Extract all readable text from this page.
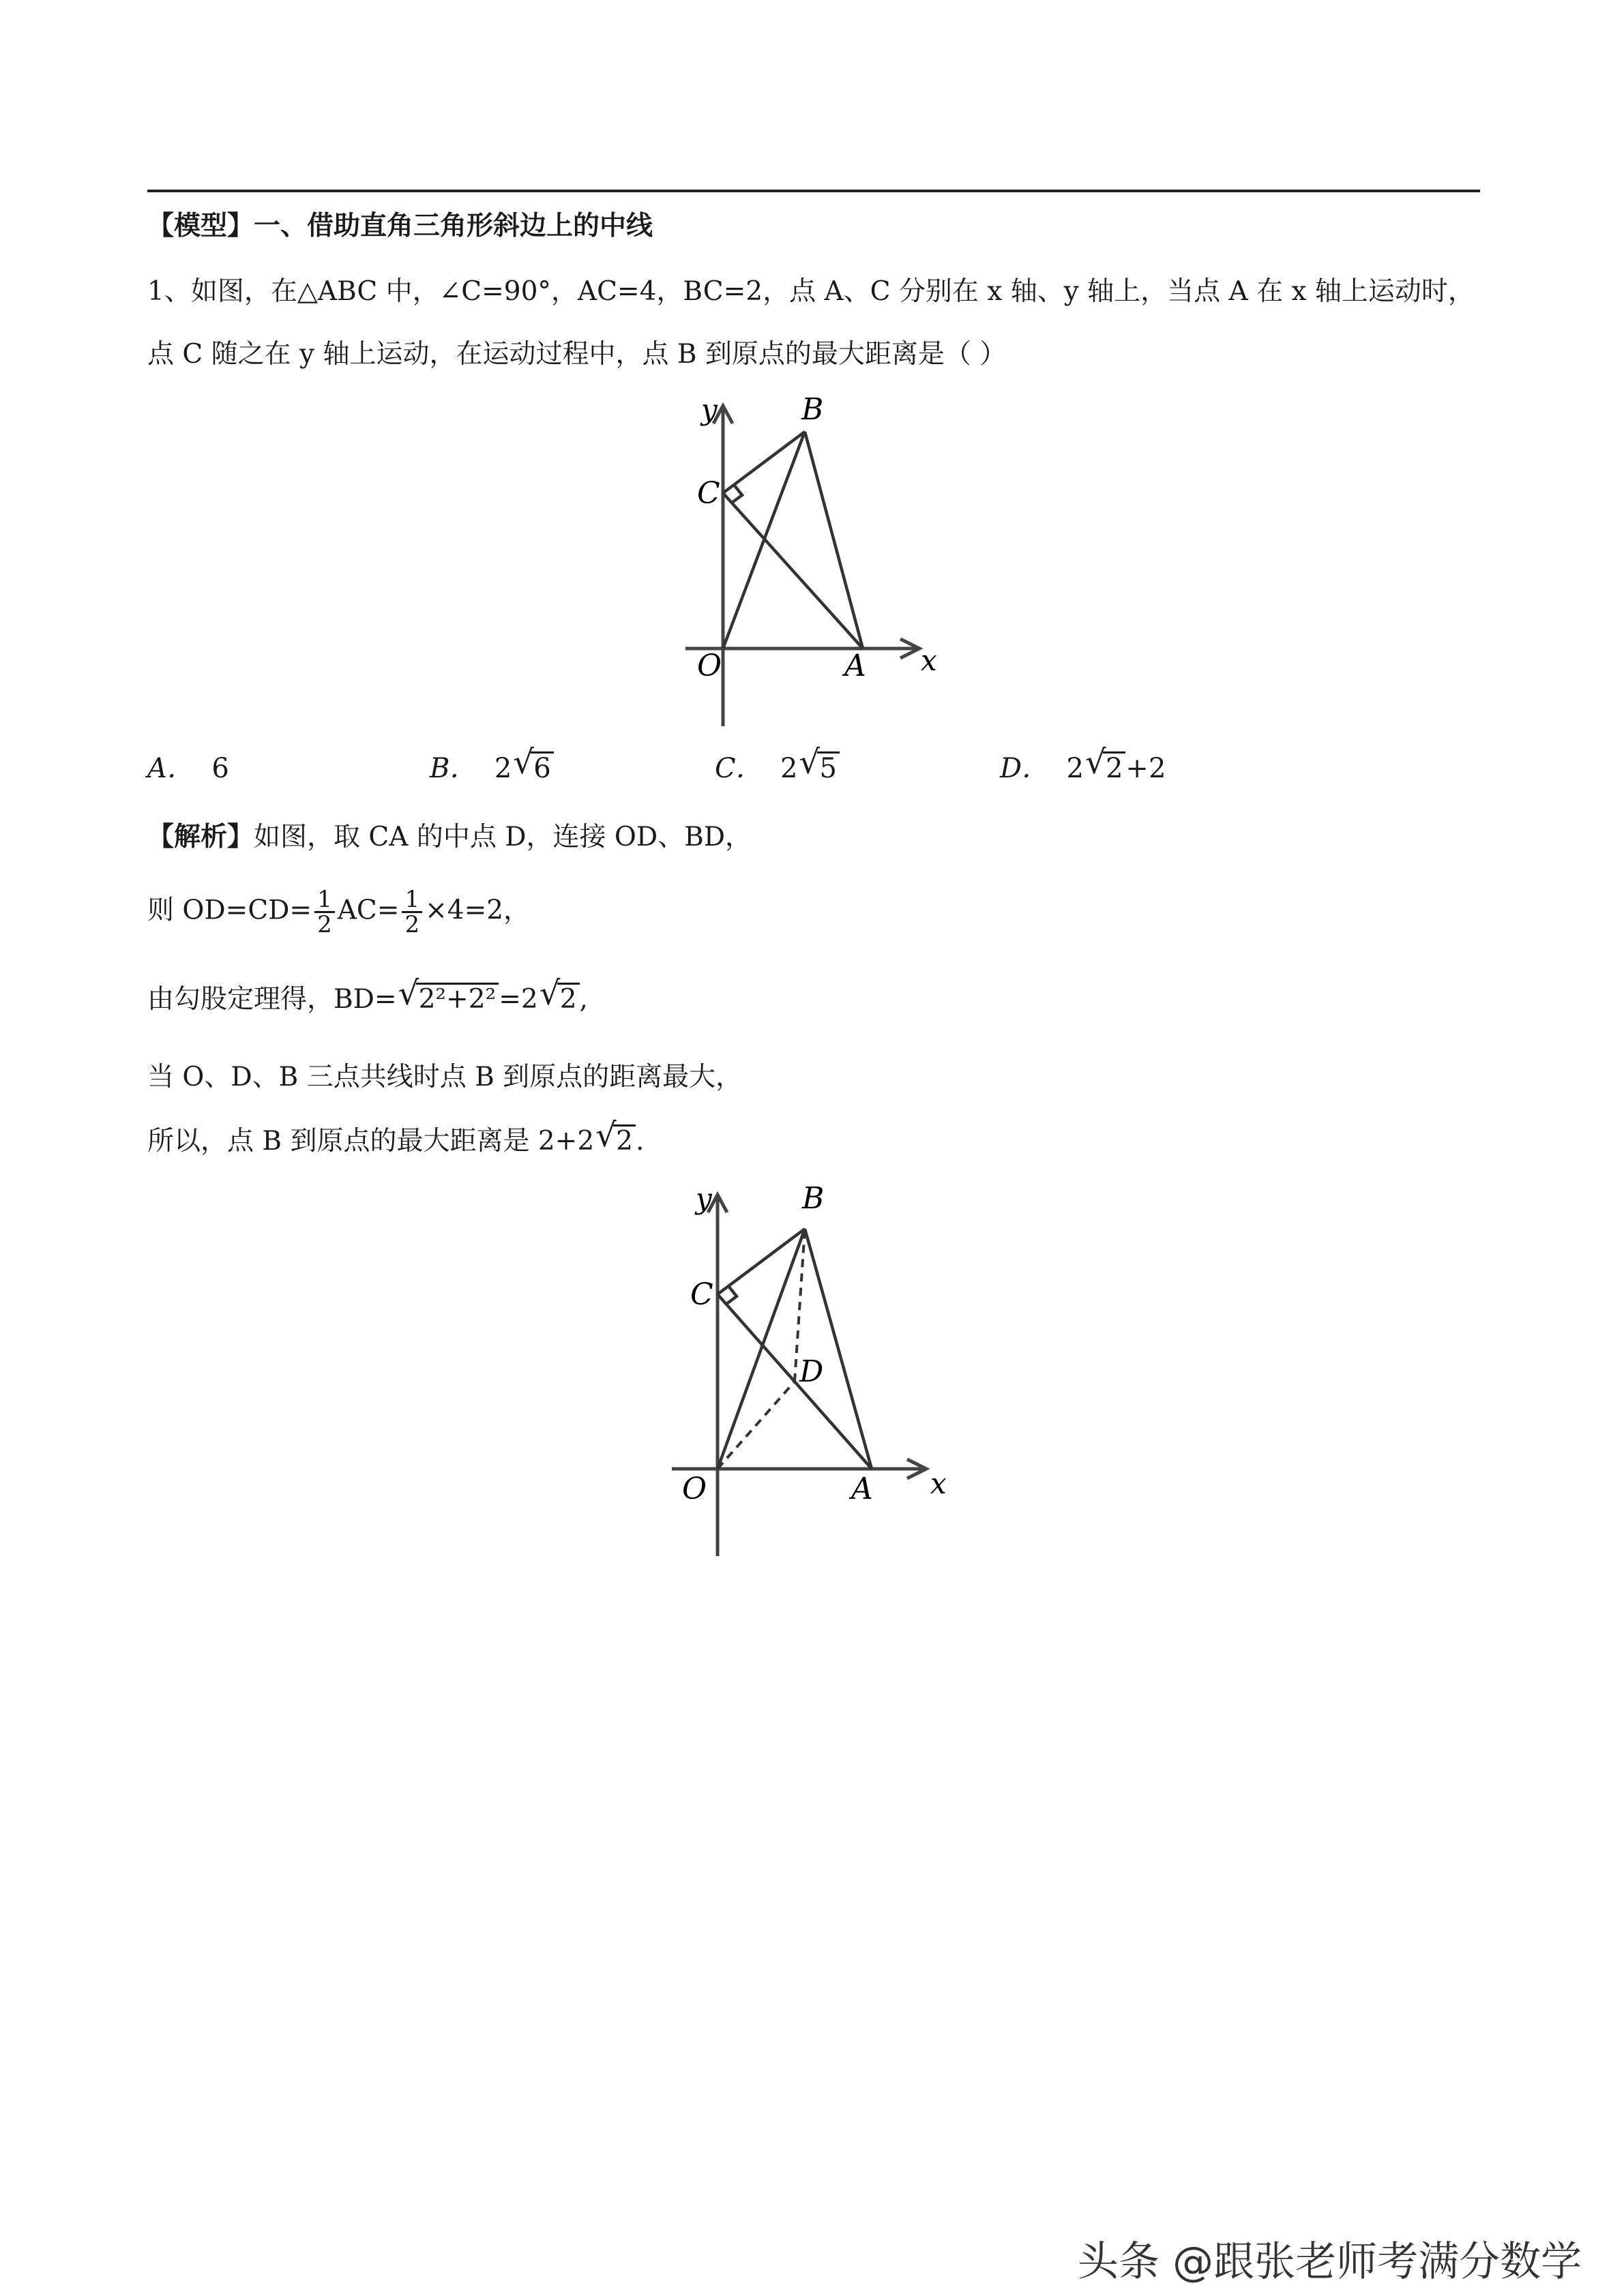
【模型】一、借助直角三角形斜边上的中线
1、如图，在△ABC 中，∠C=90°，AC=4，BC=2，点 A、C 分别在 x 轴、y 轴上，当点 A 在 x 轴上运动时，
点 C 随之在 y 轴上运动，在运动过程中，点 B 到原点的最大距离是（ ）
y	B
C
O	A x
A． 6	B． 2 √ 6	C． 2 √ 5	D． 2 √ 2 +2
【解析】如图，取 CA 的中点 D，连接 OD、BD，
则 $OD=CD= \frac{1}{2} AC= \frac{1}{2} \times 4=2$，
由勾股定理得，BD= √ 2²+2² =2 √ 2 ,
当 O、D、B 三点共线时点 B 到原点的距离最大，
所以，点 B 到原点的最大距离是 2+2 √ 2 .
y	B
C
D
O	A x
头条 @跟张老师考满分数学
